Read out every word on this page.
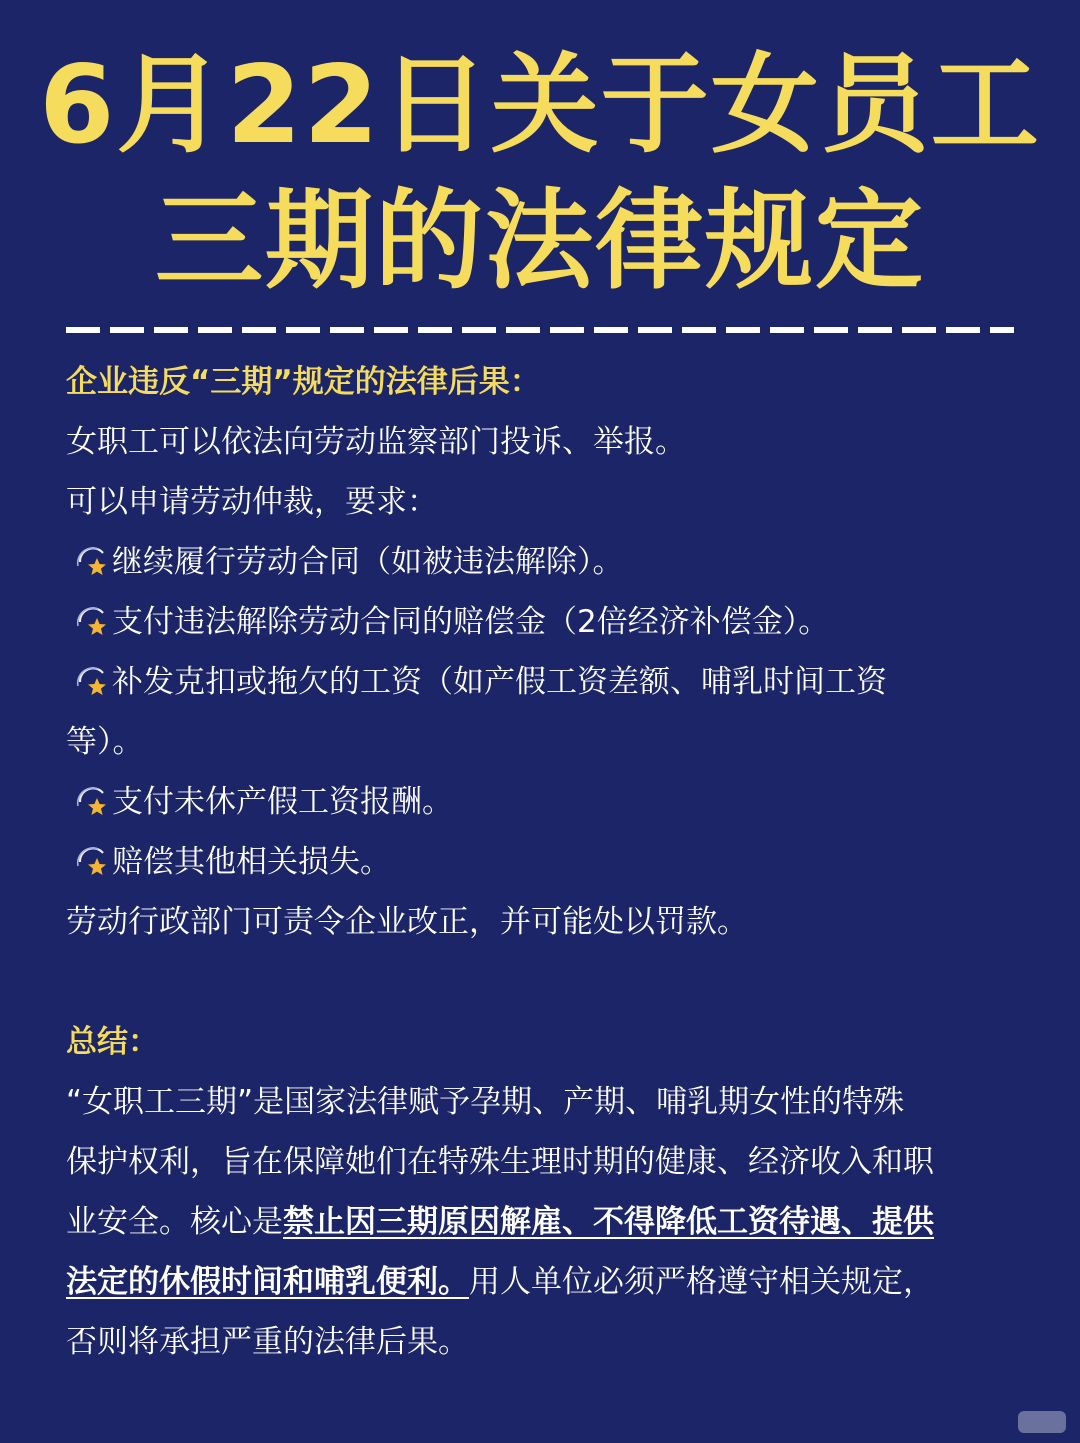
6月22日关于女员工
三期的法律规定
企业违反“三期”规定的法律后果：
女职工可以依法向劳动监察部门投诉、举报。
可以申请劳动仲裁，要求：
继续履行劳动合同（如被违法解除）。
支付违法解除劳动合同的赔偿金（2倍经济补偿金）。
补发克扣或拖欠的工资（如产假工资差额、哺乳时间工资
等）。
支付未休产假工资报酬。
赔偿其他相关损失。
劳动行政部门可责令企业改正，并可能处以罚款。
总结：
“女职工三期”是国家法律赋予孕期、产期、哺乳期女性的特殊
保护权利，旨在保障她们在特殊生理时期的健康、经济收入和职
业安全。核心是禁止因三期原因解雇、不得降低工资待遇、提供
法定的休假时间和哺乳便利。用人单位必须严格遵守相关规定，
否则将承担严重的法律后果。
